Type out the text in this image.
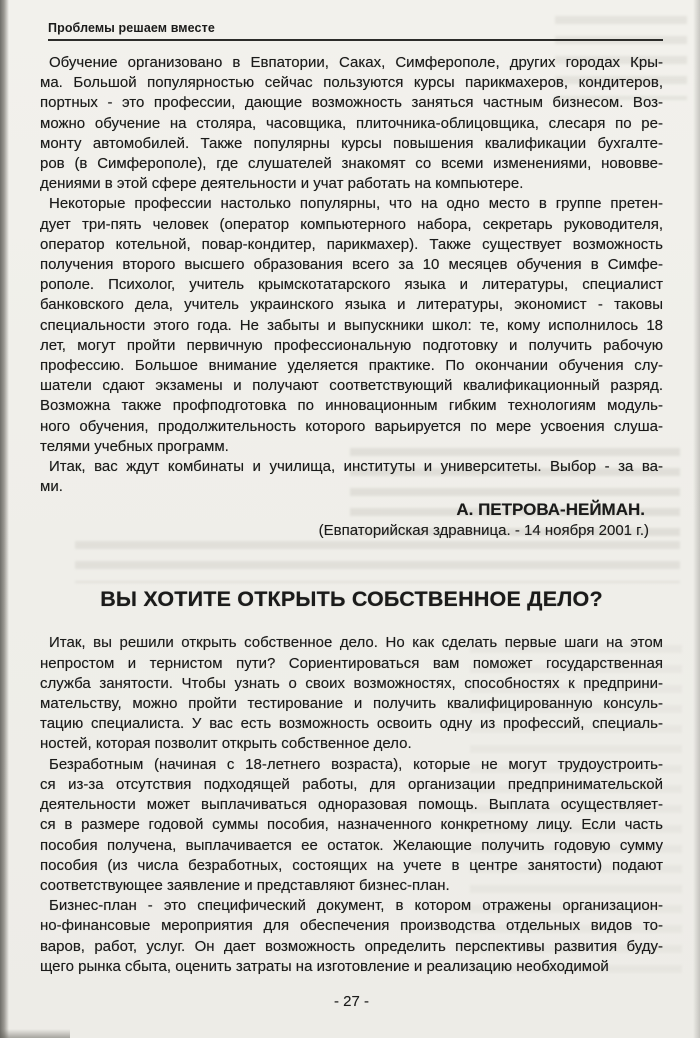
Проблемы решаем вместе
Обучение организовано в Евпатории, Саках, Симферополе, других городах Кры-
ма. Большой популярностью сейчас пользуются курсы парикмахеров, кондитеров,
портных - это профессии, дающие возможность заняться частным бизнесом. Воз-
можно обучение на столяра, часовщика, плиточника-облицовщика, слесаря по ре-
монту автомобилей. Также популярны курсы повышения квалификации бухгалте-
ров (в Симферополе), где слушателей знакомят со всеми изменениями, нововве-
дениями в этой сфере деятельности и учат работать на компьютере.
Некоторые профессии настолько популярны, что на одно место в группе претен-
дует три-пять человек (оператор компьютерного набора, секретарь руководителя,
оператор котельной, повар-кондитер, парикмахер). Также существует возможность
получения второго высшего образования всего за 10 месяцев обучения в Симфе-
рополе. Психолог, учитель крымскотатарского языка и литературы, специалист
банковского дела, учитель украинского языка и литературы, экономист - таковы
специальности этого года. Не забыты и выпускники школ: те, кому исполнилось 18
лет, могут пройти первичную профессиональную подготовку и получить рабочую
профессию. Большое внимание уделяется практике. По окончании обучения слу-
шатели сдают экзамены и получают соответствующий квалификационный разряд.
Возможна также профподготовка по инновационным гибким технологиям модуль-
ного обучения, продолжительность которого варьируется по мере усвоения слуша-
телями учебных программ.
Итак, вас ждут комбинаты и училища, институты и университеты. Выбор - за ва-
ми.
А. ПЕТРОВА-НЕЙМАН.
(Евпаторийская здравница. - 14 ноября 2001 г.)
ВЫ ХОТИТЕ ОТКРЫТЬ СОБСТВЕННОЕ ДЕЛО?
Итак, вы решили открыть собственное дело. Но как сделать первые шаги на этом
непростом и тернистом пути? Сориентироваться вам поможет государственная
служба занятости. Чтобы узнать о своих возможностях, способностях к предприни-
мательству, можно пройти тестирование и получить квалифицированную консуль-
тацию специалиста. У вас есть возможность освоить одну из профессий, специаль-
ностей, которая позволит открыть собственное дело.
Безработным (начиная с 18-летнего возраста), которые не могут трудоустроить-
ся из-за отсутствия подходящей работы, для организации предпринимательской
деятельности может выплачиваться одноразовая помощь. Выплата осуществляет-
ся в размере годовой суммы пособия, назначенного конкретному лицу. Если часть
пособия получена, выплачивается ее остаток. Желающие получить годовую сумму
пособия (из числа безработных, состоящих на учете в центре занятости) подают
соответствующее заявление и представляют бизнес-план.
Бизнес-план - это специфический документ, в котором отражены организацион-
но-финансовые мероприятия для обеспечения производства отдельных видов то-
варов, работ, услуг. Он дает возможность определить перспективы развития буду-
щего рынка сбыта, оценить затраты на изготовление и реализацию необходимой
- 27 -
